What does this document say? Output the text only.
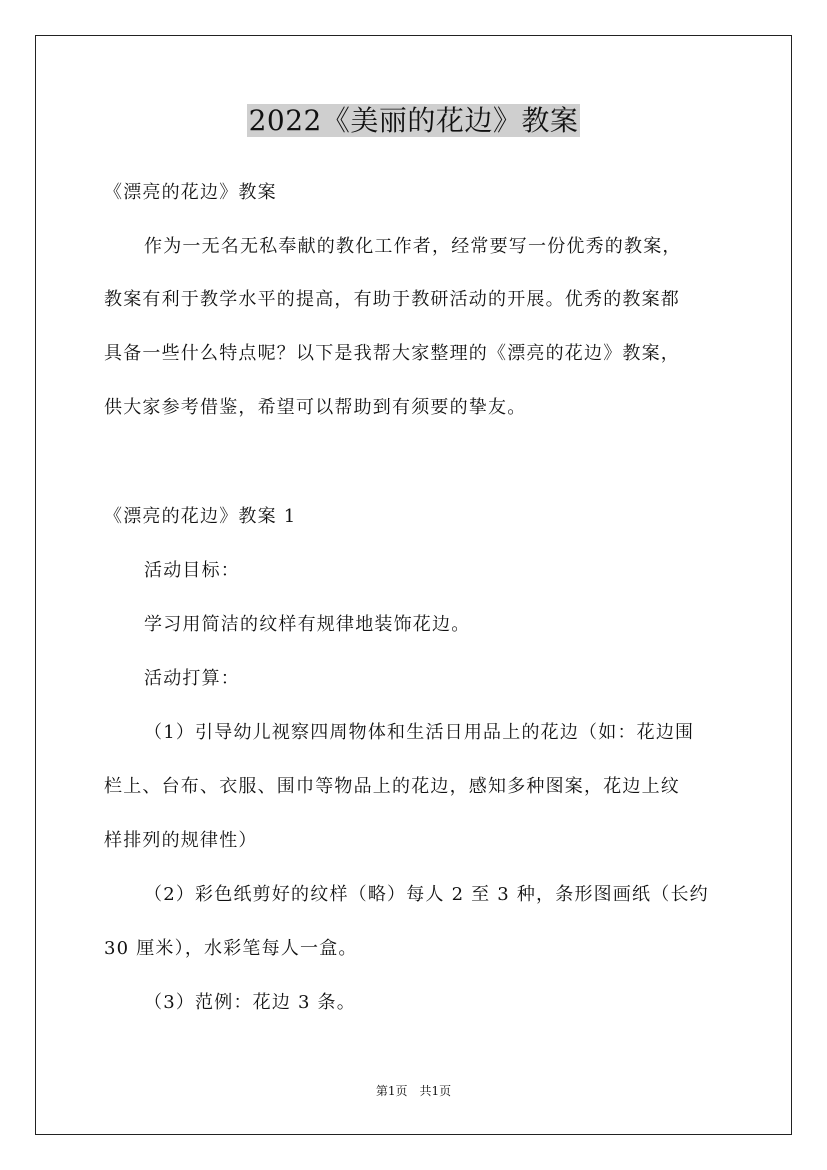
2022《美丽的花边》教案
《漂亮的花边》教案
作为一无名无私奉献的教化工作者，经常要写一份优秀的教案，
教案有利于教学水平的提高，有助于教研活动的开展。优秀的教案都
具备一些什么特点呢？以下是我帮大家整理的《漂亮的花边》教案，
供大家参考借鉴，希望可以帮助到有须要的挚友。
《漂亮的花边》教案 1
活动目标：
学习用简洁的纹样有规律地装饰花边。
活动打算：
（1）引导幼儿视察四周物体和生活日用品上的花边（如：花边围
栏上、台布、衣服、围巾等物品上的花边，感知多种图案，花边上纹
样排列的规律性）
（2）彩色纸剪好的纹样（略）每人 2 至 3 种，条形图画纸（长约
30 厘米），水彩笔每人一盒。
（3）范例：花边 3 条。
第1页　共1页
